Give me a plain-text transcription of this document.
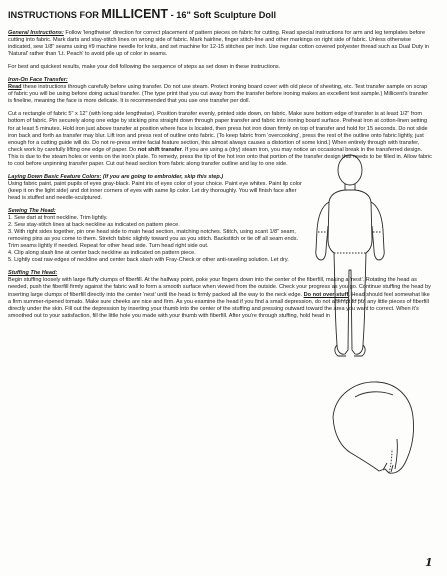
INSTRUCTIONS FOR MILLICENT - 16" Soft Sculpture Doll

General Instructions: Follow 'lengthwise' direction for correct placement of pattern pieces on fabric for cutting. Read special instructions for arm and leg templates before cutting into fabric. Mark darts and stay-stitch lines on wrong side of fabric. Mark hairline, finger stitch-line and other markings on right side of fabric. Unless otherwise indicated, sew 1/8" seams using #9 machine needle for knits, and set machine for 12-15 stitches per inch. Use regular cotton covered polyester thread such as Dual Duty in 'Natural' rather than 'Lt. Peach' to avoid pile up of color in seams.

For best and quickest results, make your doll following the sequence of steps as set down in these instructions.

Iron-On Face Transfer:

Read these instructions through carefully before using transfer. Do not use steam. Protect ironing board cover with old piece of sheeting, etc. Test transfer sample on scrap of fabric you will be using before doing actual transfer. (The type print that you cut away from the transfer before ironing makes an excellent test sample.) Millicent's transfer is fineline, meaning the face is more delicate. It is recommended that you use one transfer per doll.

Cut a rectangle of fabric 5" x 12" (with long side lengthwise). Position transfer evenly, printed side down, on fabric. Make sure bottom edge of transfer is at least 1/2" from bottom of fabric. Pin securely along one edge by sticking pins straight down through paper transfer and fabric into ironing board surface. Preheat iron at cotton-linen setting for at least 5 minutes. Hold iron just above transfer at position where face is located, then press hot iron down firmly on top of transfer and hold for 15 seconds. Do not slide iron back and forth as transfer may blur. Lift iron and press rest of outline onto fabric. (To keep fabric from 'overcooking', press the rest of the outline onto fabric lightly, just enough for a cutting guide will do. Do not re-press entire facial feature section, this almost always causes a distortion of some kind.) When entirely through with transfer, check work by carefully lifting one edge of paper. Do not shift transfer. If you are using a (dry) steam iron, you may notice an occasional break in the transferred design. This is due to the steam holes or vents on the iron's plate. To remedy, press the tip of the hot iron onto that portion of the transfer design that needs to be filled in. Allow fabric to cool before unpinning transfer paper. Cut out head section from fabric along transfer outline and lay to one side.

Laying Down Basic Feature Colors: (If you are going to embroider, skip this step.)

Using fabric paint, paint pupils of eyes gray-black. Paint iris of eyes color of your choice. Paint eye whites. Paint lip color (keep it on the light side) and dot inner corners of eyes with same lip color. Let dry thoroughly. You will finish face after head is stuffed and needle-sculptured.

Sewing The Head:

1. Sew dart at front neckline. Trim lightly.

2. Sew stay-stitch lines at back neckline as indicated on pattern piece.

3. With right sides together, pin one head side to main head section, matching notches. Stitch, using scant 1/8" seam, removing pins as you come to them. Stretch fabric slightly toward you as you stitch. Backstitch or tie off all seam ends. Trim seams lightly if needed. Repeat for other head side. Turn head right side out.

4. Clip along slash line at center back neckline as indicated on pattern piece.

5. Lightly coat raw edges of neckline and center back slash with Fray-Check or other anti-raveling solution. Let dry.

Stuffing The Head:

Begin stuffing loosely with large fluffy clumps of fiberfill. At the halfway point, poke your fingers down into the center of the fiberfill, making a 'nest'. Rotating the head as needed, push the fiberfill firmly against the fabric wall to form a smooth surface when viewed from the outside. Check your progress as you go. Continue stuffing the head by inserting large clumps of fiberfill directly into the center 'nest' until the head is firmly packed all the way to the neck edge. Do not over-stuff. Head should feel somewhat like a firm summer-ripened tomato. Make sure cheeks are nice and firm. As you examine the head if you find a small depression, do not attempt to put any little pieces of fiberfill directly under the skin. Fill out the depression by inserting your thumb into the center of the stuffing and pressing outward toward the area you want to correct. When it's smoothed out to your satisfaction, fill the little hole you made with your thumb with fiberfill. After you're through stuffing, hold head in

1
